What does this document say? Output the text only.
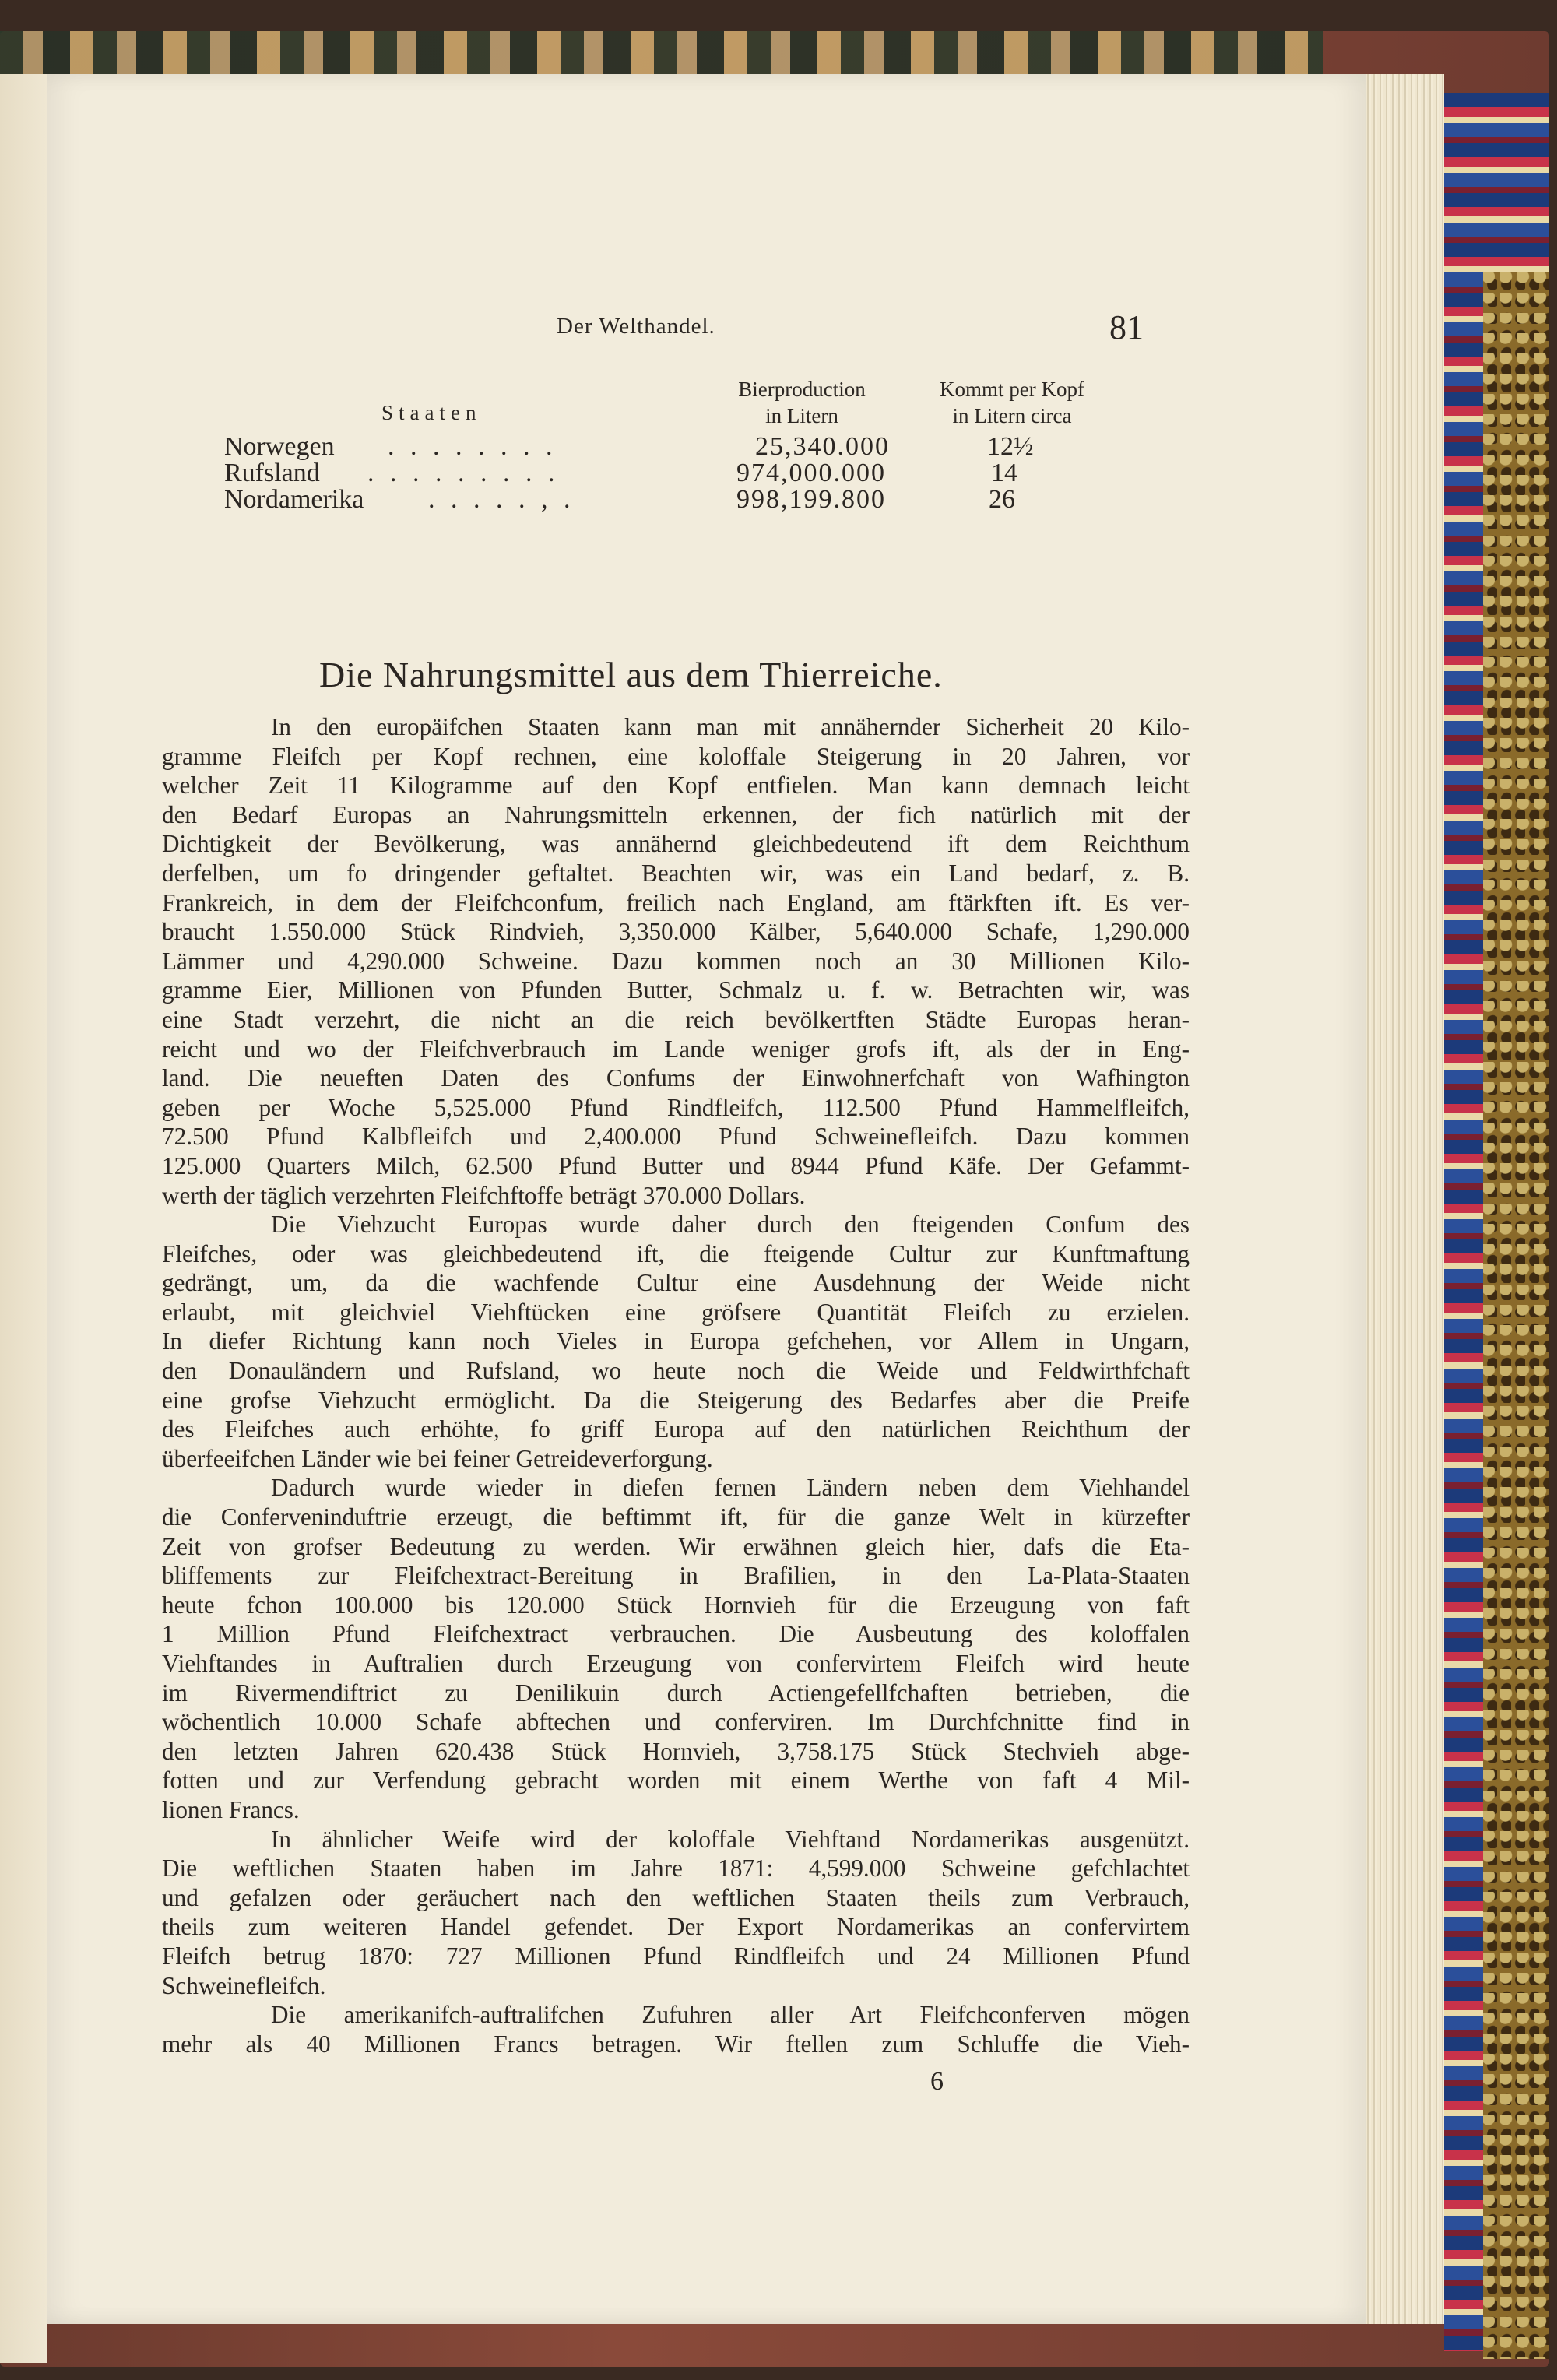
Der Welthandel.	81
Staaten
Bierproduction
in Litern
Kommt per Kopf
in Litern circa
Norwegen . . . . . . . .	25,340.000	12½
Rufsland . . . . . . . . .	974,000.000	14
Nordamerika . . . . . , .	998,199.800	26
Die Nahrungsmittel aus dem Thierreiche.
In den europäifchen Staaten kann man mit annähernder Sicherheit 20 Kilo-
gramme Fleifch per Kopf rechnen, eine koloffale Steigerung in 20 Jahren, vor
welcher Zeit 11 Kilogramme auf den Kopf entfielen. Man kann demnach leicht
den Bedarf Europas an Nahrungsmitteln erkennen, der fich natürlich mit der
Dichtigkeit der Bevölkerung, was annähernd gleichbedeutend ift dem Reichthum
derfelben, um fo dringender geftaltet. Beachten wir, was ein Land bedarf, z. B.
Frankreich, in dem der Fleifchconfum, freilich nach England, am ftärkften ift. Es ver-
braucht 1.550.000 Stück Rindvieh, 3,350.000 Kälber, 5,640.000 Schafe, 1,290.000
Lämmer und 4,290.000 Schweine. Dazu kommen noch an 30 Millionen Kilo-
gramme Eier, Millionen von Pfunden Butter, Schmalz u. f. w. Betrachten wir, was
eine Stadt verzehrt, die nicht an die reich bevölkertften Städte Europas heran-
reicht und wo der Fleifchverbrauch im Lande weniger grofs ift, als der in Eng-
land. Die neueften Daten des Confums der Einwohnerfchaft von Wafhington
geben per Woche 5,525.000 Pfund Rindfleifch, 112.500 Pfund Hammelfleifch,
72.500 Pfund Kalbfleifch und 2,400.000 Pfund Schweinefleifch. Dazu kommen
125.000 Quarters Milch, 62.500 Pfund Butter und 8944 Pfund Käfe. Der Gefammt-
werth der täglich verzehrten Fleifchftoffe beträgt 370.000 Dollars.
Die Viehzucht Europas wurde daher durch den fteigenden Confum des
Fleifches, oder was gleichbedeutend ift, die fteigende Cultur zur Kunftmaftung
gedrängt, um, da die wachfende Cultur eine Ausdehnung der Weide nicht
erlaubt, mit gleichviel Viehftücken eine gröfsere Quantität Fleifch zu erzielen.
In diefer Richtung kann noch Vieles in Europa gefchehen, vor Allem in Ungarn,
den Donauländern und Rufsland, wo heute noch die Weide und Feldwirthfchaft
eine grofse Viehzucht ermöglicht. Da die Steigerung des Bedarfes aber die Preife
des Fleifches auch erhöhte, fo griff Europa auf den natürlichen Reichthum der
überfeeifchen Länder wie bei feiner Getreideverforgung.
Dadurch wurde wieder in diefen fernen Ländern neben dem Viehhandel
die Conferveninduftrie erzeugt, die beftimmt ift, für die ganze Welt in kürzefter
Zeit von grofser Bedeutung zu werden. Wir erwähnen gleich hier, dafs die Eta-
bliffements zur Fleifchextract-Bereitung in Brafilien, in den La-Plata-Staaten
heute fchon 100.000 bis 120.000 Stück Hornvieh für die Erzeugung von faft
1 Million Pfund Fleifchextract verbrauchen. Die Ausbeutung des koloffalen
Viehftandes in Auftralien durch Erzeugung von confervirtem Fleifch wird heute
im Rivermendiftrict zu Denilikuin durch Actiengefellfchaften betrieben, die
wöchentlich 10.000 Schafe abftechen und conferviren. Im Durchfchnitte find in
den letzten Jahren 620.438 Stück Hornvieh, 3,758.175 Stück Stechvieh abge-
fotten und zur Verfendung gebracht worden mit einem Werthe von faft 4 Mil-
lionen Francs.
In ähnlicher Weife wird der koloffale Viehftand Nordamerikas ausgenützt.
Die weftlichen Staaten haben im Jahre 1871: 4,599.000 Schweine gefchlachtet
und gefalzen oder geräuchert nach den weftlichen Staaten theils zum Verbrauch,
theils zum weiteren Handel gefendet. Der Export Nordamerikas an confervirtem
Fleifch betrug 1870: 727 Millionen Pfund Rindfleifch und 24 Millionen Pfund
Schweinefleifch.
Die amerikanifch-auftralifchen Zufuhren aller Art Fleifchconferven mögen
mehr als 40 Millionen Francs betragen. Wir ftellen zum Schluffe die Vieh-
6
